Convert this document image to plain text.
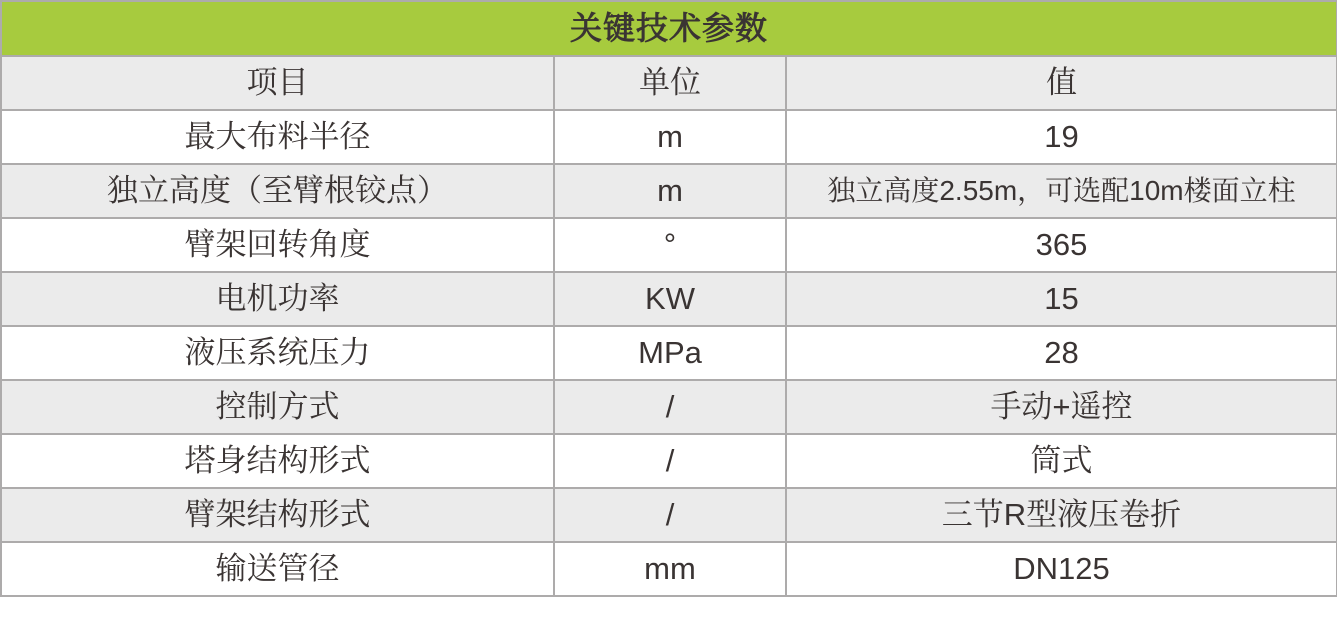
关键技术参数		
项目	单位	值
最大布料半径	m	19
独立高度（至臂根铰点）	m	独立高度2.55m，可选配10m楼面立柱
臂架回转角度	°	365
电机功率	KW	15
液压系统压力	MPa	28
控制方式	/	手动+遥控
塔身结构形式	/	筒式
臂架结构形式	/	三节R型液压卷折
输送管径	mm	DN125
